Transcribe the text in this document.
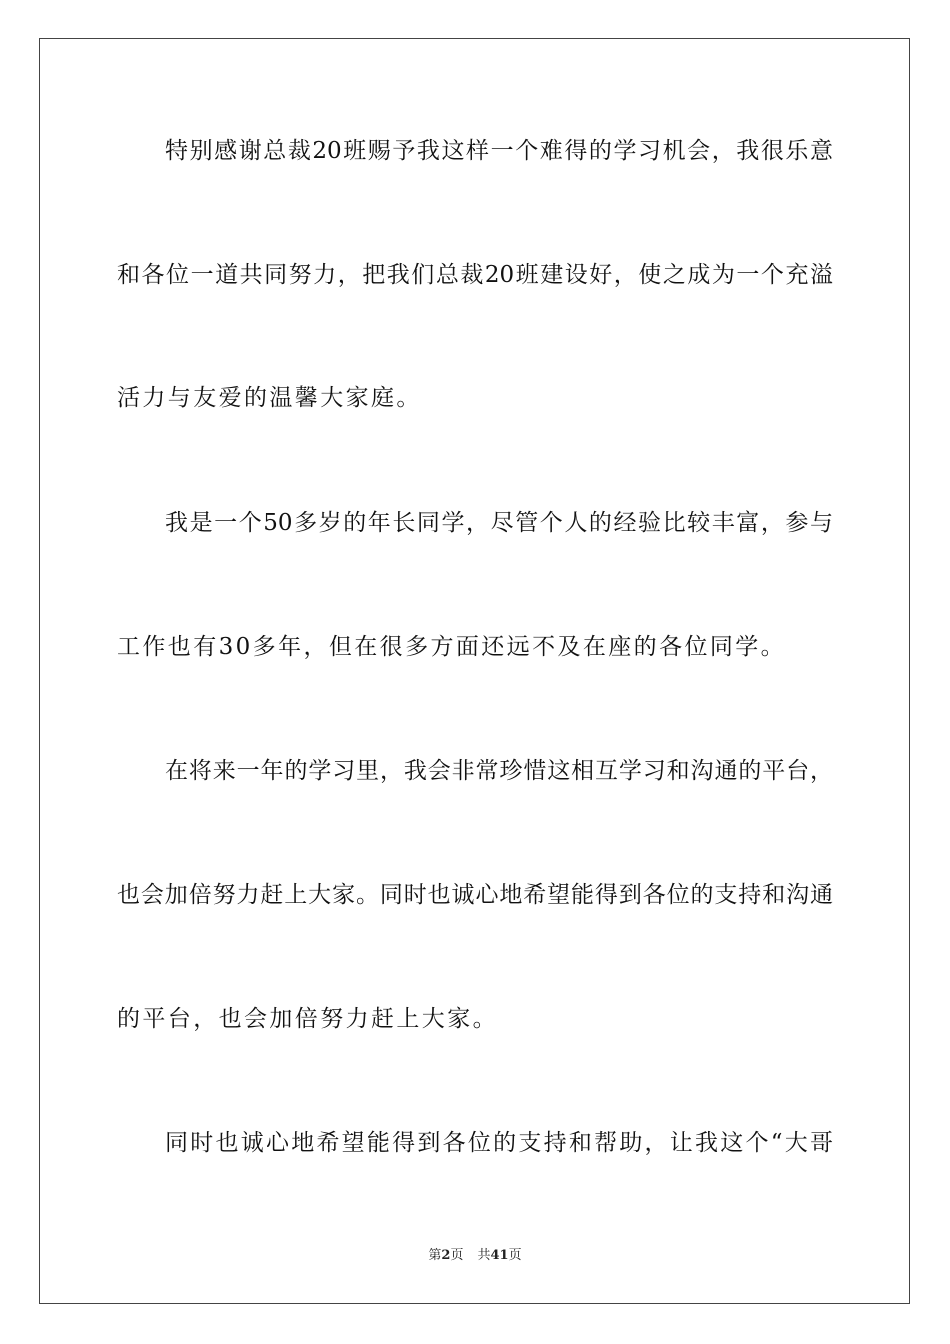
特别感谢总裁20班赐予我这样一个难得的学习机会，我很乐意
和各位一道共同努力，把我们总裁20班建设好，使之成为一个充溢
活力与友爱的温馨大家庭。
我是一个50多岁的年长同学，尽管个人的经验比较丰富，参与
工作也有30多年，但在很多方面还远不及在座的各位同学。
在将来一年的学习里，我会非常珍惜这相互学习和沟通的平台，
也会加倍努力赶上大家。同时也诚心地希望能得到各位的支持和沟通
的平台，也会加倍努力赶上大家。
同时也诚心地希望能得到各位的支持和帮助，让我这个“大哥
第2页 共41页
